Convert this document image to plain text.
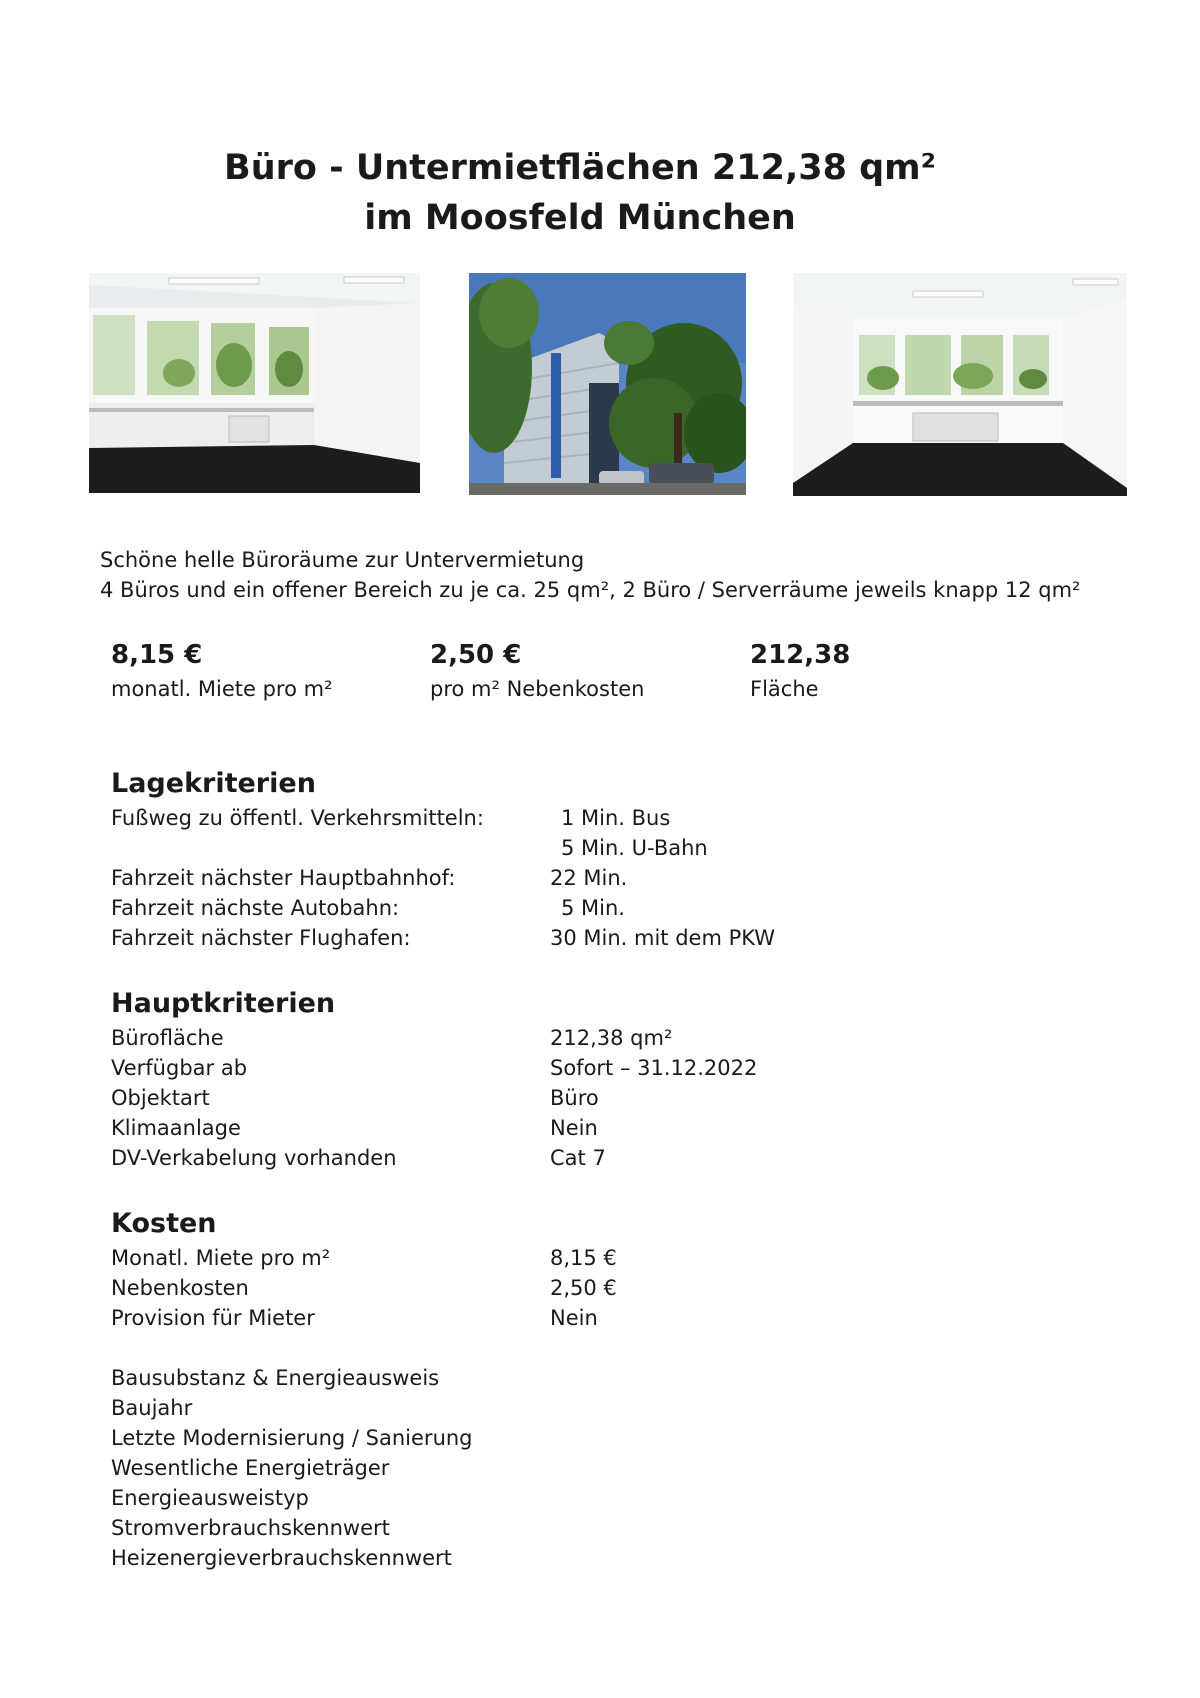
Büro - Untermietflächen 212,38 qm²
im Moosfeld München
Schöne helle Büroräume zur Untervermietung
4 Büros und ein offener Bereich zu je ca. 25 qm², 2 Büro / Serverräume jeweils knapp 12 qm²
8,15 €
monatl. Miete pro m²
2,50 €
pro m² Nebenkosten
212,38
Fläche
Lagekriterien
Fußweg zu öffentl. Verkehrsmitteln:	1 Min. Bus
5 Min. U-Bahn
Fahrzeit nächster Hauptbahnhof:	22 Min.
Fahrzeit nächste Autobahn:	5 Min.
Fahrzeit nächster Flughafen:	30 Min. mit dem PKW
Hauptkriterien
Bürofläche	212,38 qm²
Verfügbar ab	Sofort – 31.12.2022
Objektart	Büro
Klimaanlage	Nein
DV-Verkabelung vorhanden	Cat 7
Kosten
Monatl. Miete pro m²	8,15 €
Nebenkosten	2,50 €
Provision für Mieter	Nein
Bausubstanz & Energieausweis
Baujahr
Letzte Modernisierung / Sanierung
Wesentliche Energieträger
Energieausweistyp
Stromverbrauchskennwert
Heizenergieverbrauchskennwert
